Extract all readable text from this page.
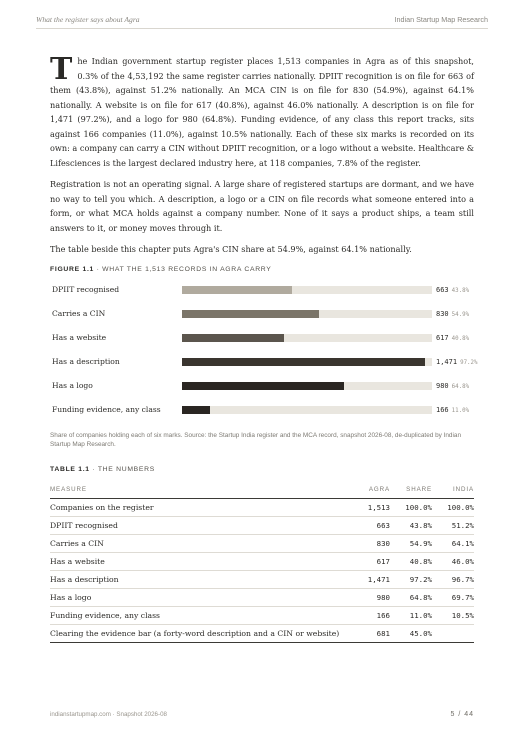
What the register says about Agra	Indian Startup Map Research

The Indian government startup register places 1,513 companies in Agra as of this snapshot, 0.3% of the 4,53,192 the same register carries nationally. DPIIT recognition is on file for 663 of them (43.8%), against 51.2% nationally. An MCA CIN is on file for 830 (54.9%), against 64.1% nationally. A website is on file for 617 (40.8%), against 46.0% nationally. A description is on file for 1,471 (97.2%), and a logo for 980 (64.8%). Funding evidence, of any class this report tracks, sits against 166 companies (11.0%), against 10.5% nationally. Each of these six marks is recorded on its own: a company can carry a CIN without DPIIT recognition, or a logo without a website. Healthcare & Lifesciences is the largest declared industry here, at 118 companies, 7.8% of the register.

Registration is not an operating signal. A large share of registered startups are dormant, and we have no way to tell you which. A description, a logo or a CIN on file records what someone entered into a form, or what MCA holds against a company number. None of it says a product ships, a team still answers to it, or money moves through it.

The table beside this chapter puts Agra's CIN share at 54.9%, against 64.1% nationally.

FIGURE 1.1 · WHAT THE 1,513 RECORDS IN AGRA CARRY
DPIIT recognised	663 43.8%
Carries a CIN	830 54.9%
Has a website	617 40.8%
Has a description	1,471 97.2%
Has a logo	980 64.8%
Funding evidence, any class	166 11.0%
Share of companies holding each of six marks. Source: the Startup India register and the MCA record, snapshot 2026-08, de-duplicated by Indian Startup Map Research.
TABLE 1.1 · THE NUMBERS
MEASURE	AGRA	SHARE	INDIA
Companies on the register	1,513	100.0%	100.0%
DPIIT recognised	663	43.8%	51.2%
Carries a CIN	830	54.9%	64.1%
Has a website	617	40.8%	46.0%
Has a description	1,471	97.2%	96.7%
Has a logo	980	64.8%	69.7%
Funding evidence, any class	166	11.0%	10.5%
Clearing the evidence bar (a forty-word description and a CIN or website)	681	45.0%	
indianstartupmap.com · Snapshot 2026-08	5 / 44
